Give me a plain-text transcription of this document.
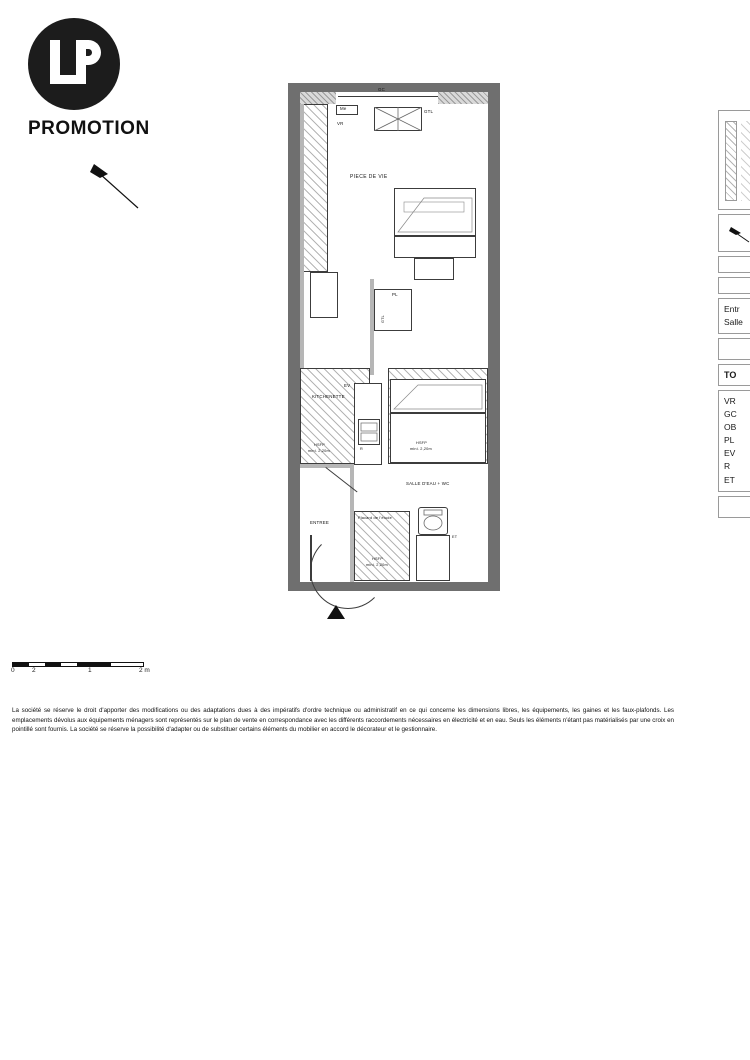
PROMOTION
N
GC
Me
VR
GTL
PIECE DE VIE
PL
GTL
KITCHENETTE
EV
HSFP
mini. 2,20m
HSFP
mini. 2,20m
R
SALLE D'EAU + WC
ENTREE
Placard de l'étude
HSFP
mini. 2,20m
ET
0	2	1	2 m

La société se réserve le droit d'apporter des modifications ou des adaptations dues à des impératifs d'ordre technique ou administratif en ce qui concerne les dimensions libres, les équipements, les gaines et les faux-plafonds. Les emplacements dévolus aux équipements ménagers sont représentés sur le plan de vente en correspondance avec les différents raccordements nécessaires en électricité et en eau. Seuls les éléments n'étant pas matérialisés par une croix en pointillé sont fournis. La société se réserve la possibilité d'adapter ou de substituer certains éléments du mobilier en accord le décorateur et le gestionnaire.

Entr
Salle
TO
VR
GC
OB
PL
EV
R
ET
